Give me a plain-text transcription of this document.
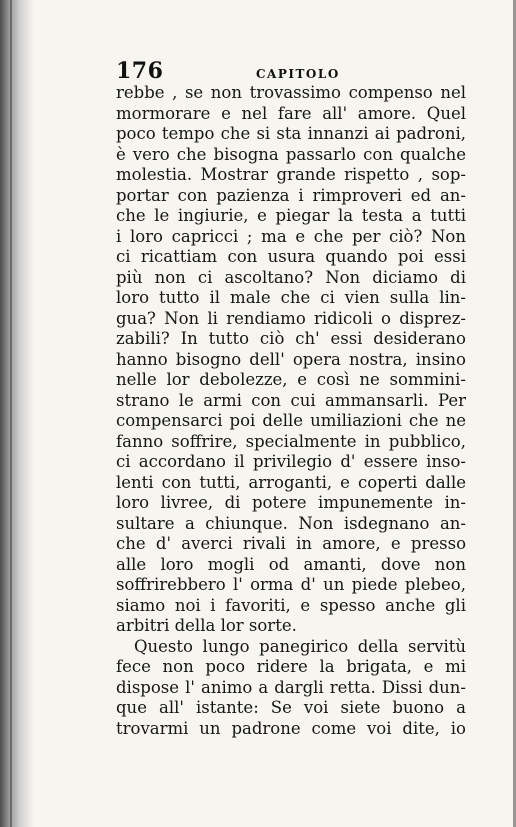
176	CAPITOLO
rebbe , se non trovassimo compenso nel
mormorare e nel fare all' amore. Quel
poco tempo che si sta innanzi ai padroni,
è vero che bisogna passarlo con qualche
molestia. Mostrar grande rispetto , sop-
portar con pazienza i rimproveri ed an-
che le ingiurie, e piegar la testa a tutti
i loro capricci ; ma e che per ciò? Non
ci ricattiam con usura quando poi essi
più non ci ascoltano? Non diciamo di
loro tutto il male che ci vien sulla lin-
gua? Non li rendiamo ridicoli o disprez-
zabili? In tutto ciò ch' essi desiderano
hanno bisogno dell' opera nostra, insino
nelle lor debolezze, e così ne sommini-
strano le armi con cui ammansarli. Per
compensarci poi delle umiliazioni che ne
fanno soffrire, specialmente in pubblico,
ci accordano il privilegio d' essere inso-
lenti con tutti, arroganti, e coperti dalle
loro livree, di potere impunemente in-
sultare a chiunque. Non isdegnano an-
che d' averci rivali in amore, e presso
alle loro mogli od amanti, dove non
soffrirebbero l' orma d' un piede plebeo,
siamo noi i favoriti, e spesso anche gli
arbitri della lor sorte.
Questo lungo panegirico della servitù
fece non poco ridere la brigata, e mi
dispose l' animo a dargli retta. Dissi dun-
que all' istante: Se voi siete buono a
trovarmi un padrone come voi dite, io
